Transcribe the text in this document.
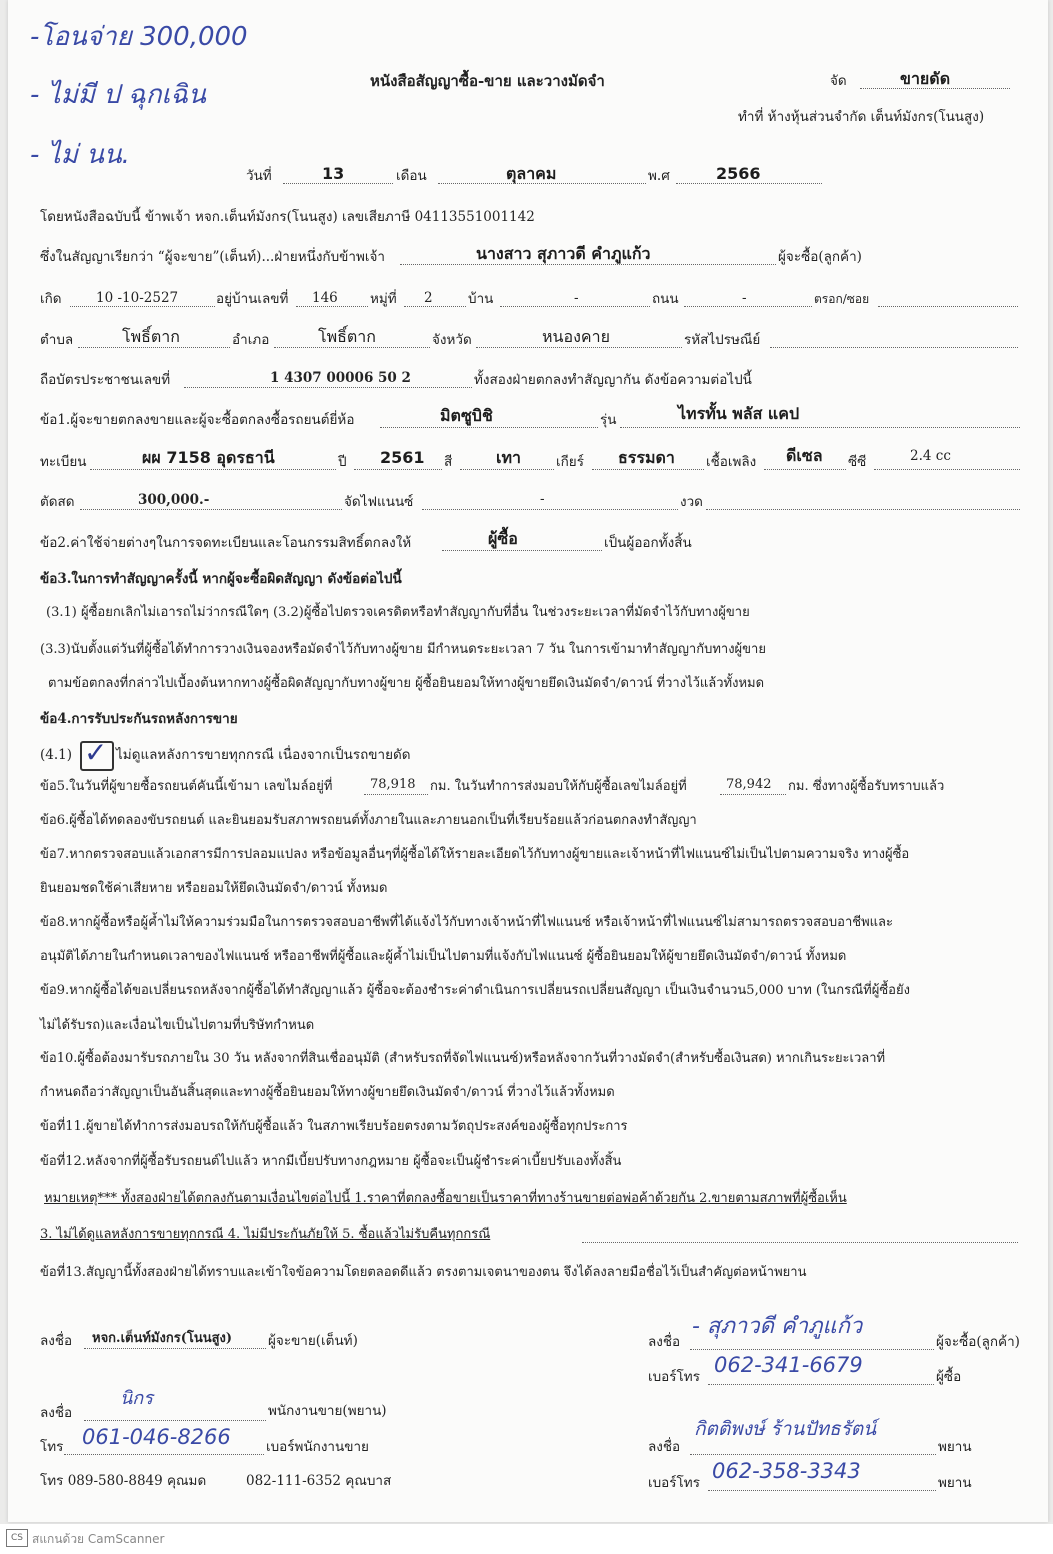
-โอนจ่าย 300,000
- ไม่มี ป ฉุกเฉิน
- ไม่ นน.
หนังสือสัญญาซื้อ-ขาย และวางมัดจำ	จัด	ขายดัด
ทำที่ ห้างหุ้นส่วนจำกัด เต็นท์มังกร(โนนสูง)
วันที่	13	เดือน	ตุลาคม	พ.ศ	2566
โดยหนังสือฉบับนี้ ข้าพเจ้า หจก.เต็นท์มังกร(โนนสูง) เลขเสียภาษี 04113551001142
ซึ่งในสัญญาเรียกว่า “ผู้จะขาย”(เต็นท์)...ฝ่ายหนึ่งกับข้าพเจ้า	นางสาว สุภาวดี คำภูแก้ว	ผู้จะซื้อ(ลูกค้า)
เกิด	10 -10-2527	อยู่บ้านเลขที่ 146 หมู่ที่ 2	บ้าน	-	ถนน	-	ตรอก/ซอย
ตำบล	โพธิ์ตาก	อำเภอ	โพธิ์ตาก	จังหวัด	หนองคาย	รหัสไปรษณีย์
ถือบัตรประชาชนเลขที่	1 4307 00006 50 2	ทั้งสองฝ่ายตกลงทำสัญญากัน ดังข้อความต่อไปนี้
ข้อ1.ผู้จะขายตกลงขายและผู้จะซื้อตกลงซื้อรถยนต์ยี่ห้อ	มิตซูบิชิ	รุ่น	ไทรทั้น พลัส แคป
ทะเบียน	ผผ 7158 อุดรธานี	ปี 2561 สี	เทา	เกียร์ ธรรมดา เชื้อเพลิง ดีเซล ซีซี	2.4 cc
ตัดสด	300,000.-	จัดไฟแนนซ์	-	งวด
ข้อ2.ค่าใช้จ่ายต่างๆในการจดทะเบียนและโอนกรรมสิทธิ์ตกลงให้	ผู้ซื้อ	เป็นผู้ออกทั้งสิ้น
ข้อ3.ในการทำสัญญาครั้งนี้ หากผู้จะซื้อผิดสัญญา ดังข้อต่อไปนี้
(3.1) ผู้ซื้อยกเลิกไม่เอารถไม่ว่ากรณีใดๆ (3.2)ผู้ซื้อไปตรวจเครดิตหรือทำสัญญากับที่อื่น ในช่วงระยะเวลาที่มัดจำไว้กับทางผู้ขาย
(3.3)นับตั้งแต่วันที่ผู้ซื้อได้ทำการวางเงินจองหรือมัดจำไว้กับทางผู้ขาย มีกำหนดระยะเวลา 7 วัน ในการเข้ามาทำสัญญากับทางผู้ขาย
ตามข้อตกลงที่กล่าวไปเบื้องต้นหากทางผู้ซื้อผิดสัญญากับทางผู้ขาย ผู้ซื้อยินยอมให้ทางผู้ขายยึดเงินมัดจำ/ดาวน์ ที่วางไว้แล้วทั้งหมด
ข้อ4.การรับประกันรถหลังการขาย
(4.1) ✓ ไม่ดูแลหลังการขายทุกกรณี เนื่องจากเป็นรถขายดัด
ข้อ5.ในวันที่ผู้ขายซื้อรถยนต์คันนี้เข้ามา เลขไมล์อยู่ที่	78,918 กม. ในวันทำการส่งมอบให้กับผู้ซื้อเลขไมล์อยู่ที่	78,942 กม. ซึ่งทางผู้ซื้อรับทราบแล้ว
ข้อ6.ผู้ซื้อได้ทดลองขับรถยนต์ และยินยอมรับสภาพรถยนต์ทั้งภายในและภายนอกเป็นที่เรียบร้อยแล้วก่อนตกลงทำสัญญา
ข้อ7.หากตรวจสอบแล้วเอกสารมีการปลอมแปลง หรือข้อมูลอื่นๆที่ผู้ซื้อได้ให้รายละเอียดไว้กับทางผู้ขายและเจ้าหน้าที่ไฟแนนซ์ไม่เป็นไปตามความจริง ทางผู้ซื้อ
ยินยอมชดใช้ค่าเสียหาย หรือยอมให้ยึดเงินมัดจำ/ดาวน์ ทั้งหมด
ข้อ8.หากผู้ซื้อหรือผู้ค้ำไม่ให้ความร่วมมือในการตรวจสอบอาชีพที่ได้แจ้งไว้กับทางเจ้าหน้าที่ไฟแนนซ์ หรือเจ้าหน้าที่ไฟแนนซ์ไม่สามารถตรวจสอบอาชีพและ
อนุมัติได้ภายในกำหนดเวลาของไฟแนนซ์ หรืออาชีพที่ผู้ซื้อและผู้ค้ำไม่เป็นไปตามที่แจ้งกับไฟแนนซ์ ผู้ซื้อยินยอมให้ผู้ขายยึดเงินมัดจำ/ดาวน์ ทั้งหมด
ข้อ9.หากผู้ซื้อได้ขอเปลี่ยนรถหลังจากผู้ซื้อได้ทำสัญญาแล้ว ผู้ซื้อจะต้องชำระค่าดำเนินการเปลี่ยนรถเปลี่ยนสัญญา เป็นเงินจำนวน5,000 บาท (ในกรณีที่ผู้ซื้อยัง
ไม่ได้รับรถ)และเงื่อนไขเป็นไปตามที่บริษัทกำหนด
ข้อ10.ผู้ซื้อต้องมารับรถภายใน 30 วัน หลังจากที่สินเชื่ออนุมัติ (สำหรับรถที่จัดไฟแนนซ์)หรือหลังจากวันที่วางมัดจำ(สำหรับซื้อเงินสด) หากเกินระยะเวลาที่
กำหนดถือว่าสัญญาเป็นอันสิ้นสุดและทางผู้ซื้อยินยอมให้ทางผู้ขายยึดเงินมัดจำ/ดาวน์ ที่วางไว้แล้วทั้งหมด
ข้อที่11.ผู้ขายได้ทำการส่งมอบรถให้กับผู้ซื้อแล้ว ในสภาพเรียบร้อยตรงตามวัตถุประสงค์ของผู้ซื้อทุกประการ
ข้อที่12.หลังจากที่ผู้ซื้อรับรถยนต์ไปแล้ว หากมีเบี้ยปรับทางกฎหมาย ผู้ซื้อจะเป็นผู้ชำระค่าเบี้ยปรับเองทั้งสิ้น
หมายเหตุ*** ทั้งสองฝ่ายได้ตกลงกันตามเงื่อนไขต่อไปนี้ 1.ราคาที่ตกลงซื้อขายเป็นราคาที่ทางร้านขายต่อพ่อค้าด้วยกัน 2.ขายตามสภาพที่ผู้ซื้อเห็น
3. ไม่ได้ดูแลหลังการขายทุกกรณี 4. ไม่มีประกันภัยให้ 5. ซื้อแล้วไม่รับคืนทุกกรณี
ข้อที่13.สัญญานี้ทั้งสองฝ่ายได้ทราบและเข้าใจข้อความโดยตลอดดีแล้ว ตรงตามเจตนาของตน จึงได้ลงลายมือชื่อไว้เป็นสำคัญต่อหน้าพยาน
ลงชื่อ หจก.เต็นท์มังกร(โนนสูง)	ผู้จะขาย(เต็นท์)
ลงชื่อ
นิกร
พนักงานขาย(พยาน)
โทร 061-046-8266	เบอร์พนักงานขาย
โทร 089-580-8849 คุณมด	082-111-6352 คุณบาส
ลงชื่อ
- สุภาวดี คำภูแก้ว
ผู้จะซื้อ(ลูกค้า)
เบอร์โทร 062-341-6679	ผู้ซื้อ
ลงชื่อ
กิตติพงษ์ ร้านปัทธรัตน์
พยาน
เบอร์โทร 062-358-3343	พยาน
CS สแกนด้วย CamScanner
